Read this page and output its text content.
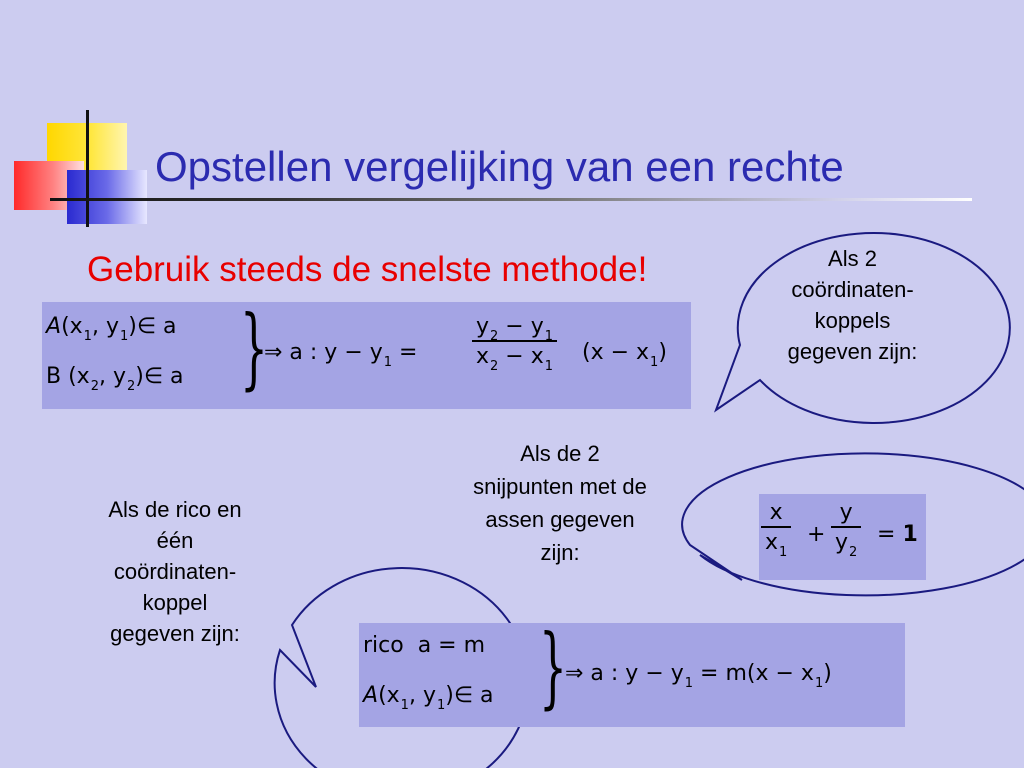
Opstellen vergelijking van een rechte
Gebruik steeds de snelste methode!	Als 2
coördinaten-
koppels
gegeven zijn:
Als de 2
snijpunten met de
assen gegeven
zijn:
Als de rico en
één
coördinaten-
koppel
gegeven zijn:
$A(x_1$, $y_1)\in$ a
B ($x_2$, $y_2)\in$ a }
⇒ a : $y - y_1 = \frac{y_2 - y_1}{x_2 - x_1} (x - x_1)$
$\frac{x}{x_1} + \frac{y}{y_2} = 1$
rico  a = m
$A(x_1$, $y_1)\in$ a }
⇒ a : $y - y_1 = m(x - x_1)$
